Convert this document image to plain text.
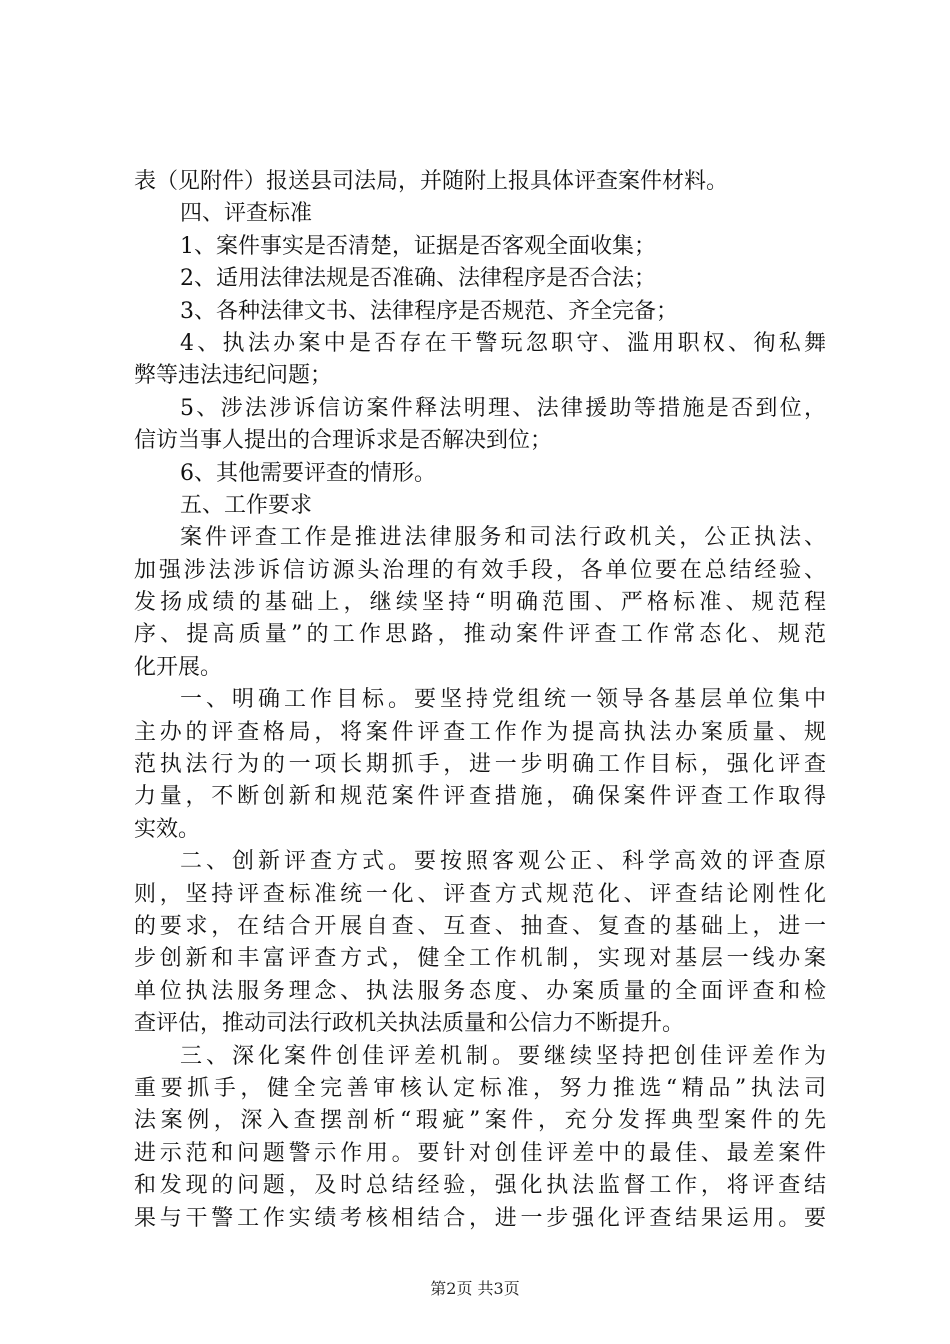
表（见附件）报送县司法局，并随附上报具体评查案件材料。
四、评查标准
1、案件事实是否清楚，证据是否客观全面收集；
2、适用法律法规是否准确、法律程序是否合法；
3、各种法律文书、法律程序是否规范、齐全完备；
4、执法办案中是否存在干警玩忽职守、滥用职权、徇私舞
弊等违法违纪问题；
5、涉法涉诉信访案件释法明理、法律援助等措施是否到位，
信访当事人提出的合理诉求是否解决到位；
6、其他需要评查的情形。
五、工作要求
案件评查工作是推进法律服务和司法行政机关，公正执法、
加强涉法涉诉信访源头治理的有效手段，各单位要在总结经验、
发扬成绩的基础上，继续坚持“明确范围、严格标准、规范程
序、提高质量”的工作思路，推动案件评查工作常态化、规范
化开展。
一、明确工作目标。要坚持党组统一领导各基层单位集中
主办的评查格局，将案件评查工作作为提高执法办案质量、规
范执法行为的一项长期抓手，进一步明确工作目标，强化评查
力量，不断创新和规范案件评查措施，确保案件评查工作取得
实效。
二、创新评查方式。要按照客观公正、科学高效的评查原
则，坚持评查标准统一化、评查方式规范化、评查结论刚性化
的要求，在结合开展自查、互查、抽查、复查的基础上，进一
步创新和丰富评查方式，健全工作机制，实现对基层一线办案
单位执法服务理念、执法服务态度、办案质量的全面评查和检
查评估，推动司法行政机关执法质量和公信力不断提升。
三、深化案件创佳评差机制。要继续坚持把创佳评差作为
重要抓手，健全完善审核认定标准，努力推选“精品”执法司
法案例，深入查摆剖析“瑕疵”案件，充分发挥典型案件的先
进示范和问题警示作用。要针对创佳评差中的最佳、最差案件
和发现的问题，及时总结经验，强化执法监督工作，将评查结
果与干警工作实绩考核相结合，进一步强化评查结果运用。要
第2页 共3页
